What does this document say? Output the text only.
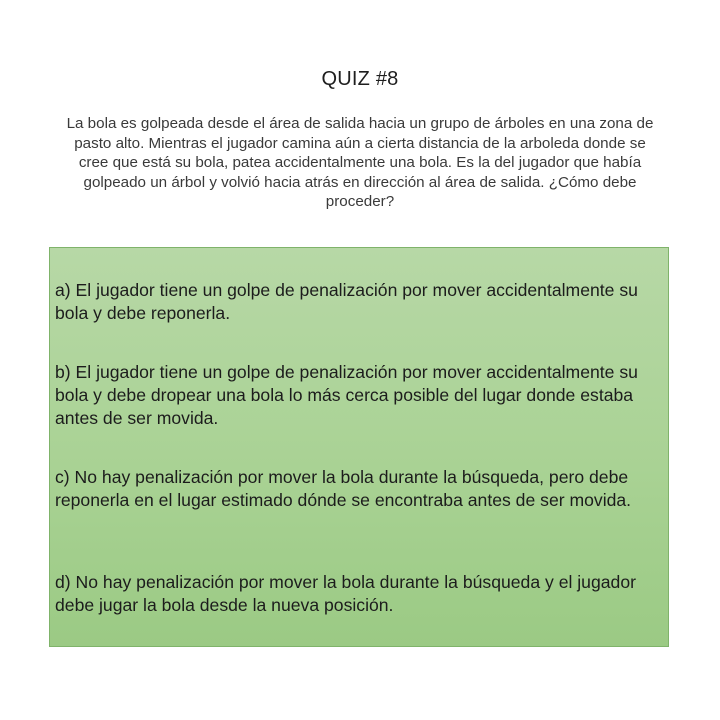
QUIZ #8
La bola es golpeada desde el área de salida hacia un grupo de árboles en una zona de pasto alto. Mientras el jugador camina aún a cierta distancia de la arboleda donde se cree que está su bola, patea accidentalmente una bola. Es la del jugador que había golpeado un árbol y volvió hacia atrás en dirección al área de salida. ¿Cómo debe proceder?
a) El jugador tiene un golpe de penalización por mover accidentalmente su bola y debe reponerla.
b) El jugador tiene un golpe de penalización por mover accidentalmente su bola y debe dropear una bola lo más cerca posible del lugar donde estaba antes de ser movida.
c) No hay penalización por mover la bola durante la búsqueda, pero debe reponerla en el lugar estimado dónde se encontraba antes de ser movida.
d) No hay penalización por mover la bola durante la búsqueda y el jugador debe jugar la bola desde la nueva posición.
